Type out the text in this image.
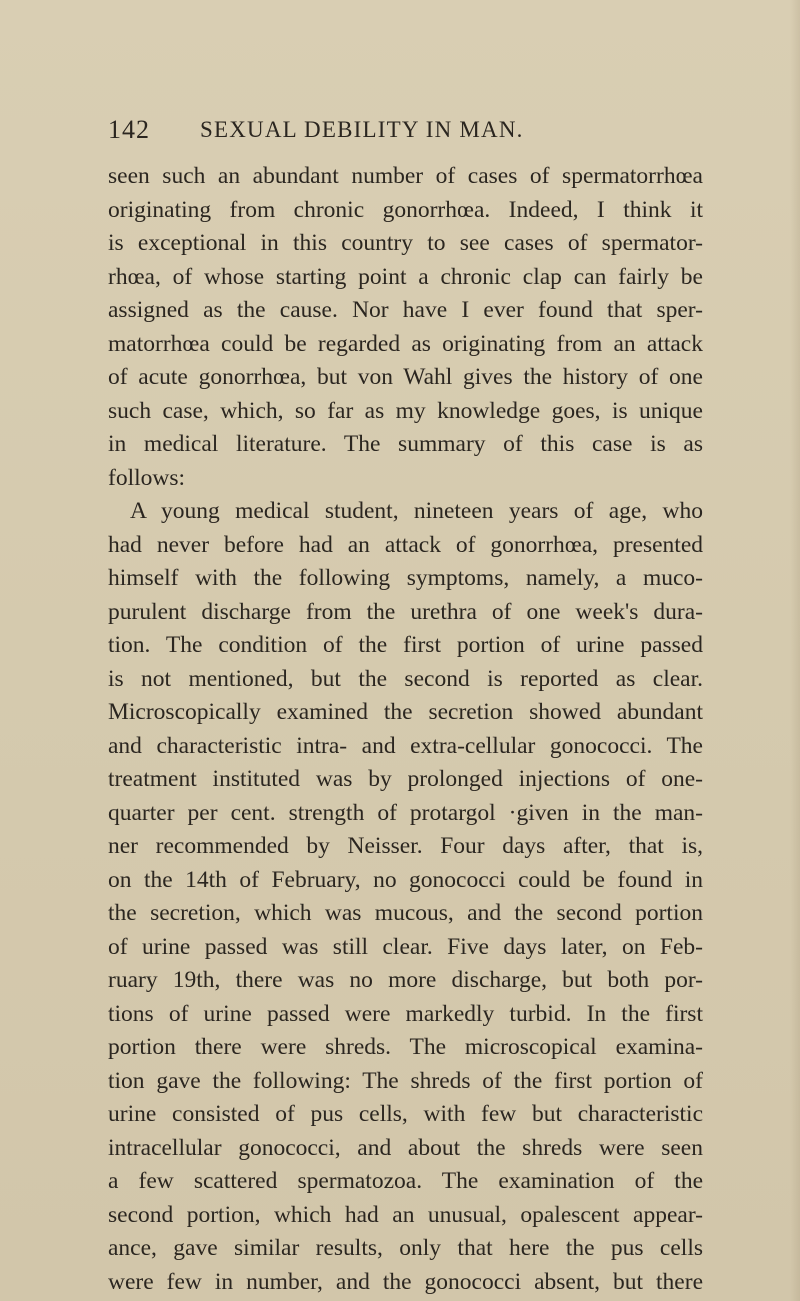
142 SEXUAL DEBILITY IN MAN.
seen such an abundant number of cases of spermatorrhœa
originating from chronic gonorrhœa. Indeed, I think it
is exceptional in this country to see cases of spermator-
rhœa, of whose starting point a chronic clap can fairly be
assigned as the cause. Nor have I ever found that sper-
matorrhœa could be regarded as originating from an attack
of acute gonorrhœa, but von Wahl gives the history of one
such case, which, so far as my knowledge goes, is unique
in medical literature. The summary of this case is as
follows:
A young medical student, nineteen years of age, who
had never before had an attack of gonorrhœa, presented
himself with the following symptoms, namely, a muco-
purulent discharge from the urethra of one week's dura-
tion. The condition of the first portion of urine passed
is not mentioned, but the second is reported as clear.
Microscopically examined the secretion showed abundant
and characteristic intra- and extra-cellular gonococci. The
treatment instituted was by prolonged injections of one-
quarter per cent. strength of protargol ·given in the man-
ner recommended by Neisser. Four days after, that is,
on the 14th of February, no gonococci could be found in
the secretion, which was mucous, and the second portion
of urine passed was still clear. Five days later, on Feb-
ruary 19th, there was no more discharge, but both por-
tions of urine passed were markedly turbid. In the first
portion there were shreds. The microscopical examina-
tion gave the following: The shreds of the first portion of
urine consisted of pus cells, with few but characteristic
intracellular gonococci, and about the shreds were seen
a few scattered spermatozoa. The examination of the
second portion, which had an unusual, opalescent appear-
ance, gave similar results, only that here the pus cells
were few in number, and the gonococci absent, but there
